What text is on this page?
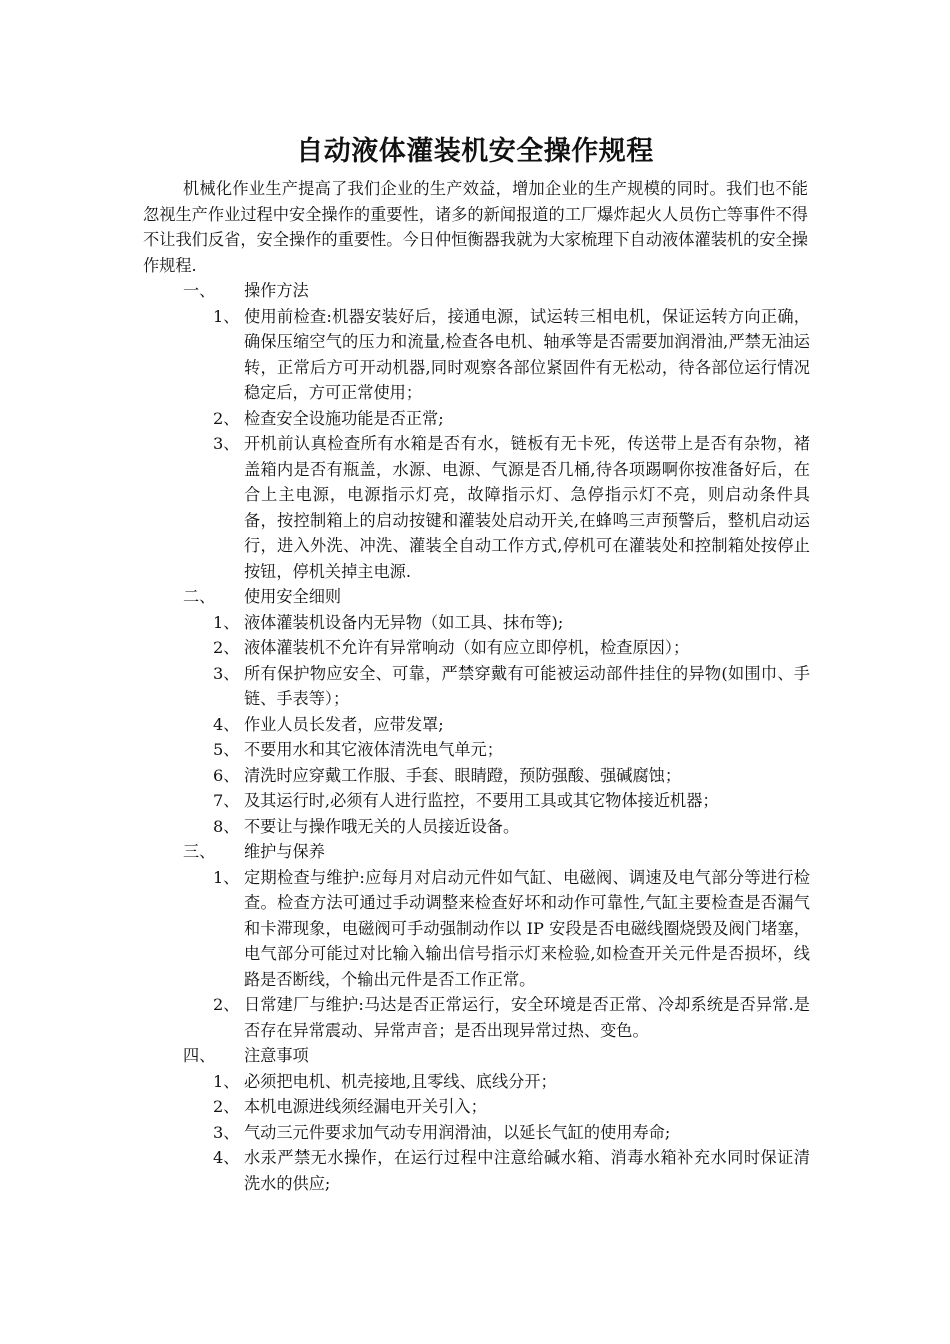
自动液体灌装机安全操作规程

机械化作业生产提高了我们企业的生产效益，增加企业的生产规模的同时。我们也不能忽视生产作业过程中安全操作的重要性，诸多的新闻报道的工厂爆炸起火人员伤亡等事件不得不让我们反省，安全操作的重要性。今日仲恒衡器我就为大家梳理下自动液体灌装机的安全操作规程.

一、 操作方法
1、 使用前检查:机器安装好后，接通电源，试运转三相电机，保证运转方向正确，确保压缩空气的压力和流量,检查各电机、轴承等是否需要加润滑油,严禁无油运转，正常后方可开动机器,同时观察各部位紧固件有无松动，待各部位运行情况稳定后，方可正常使用；
2、 检查安全设施功能是否正常;
3、 开机前认真检查所有水箱是否有水，链板有无卡死，传送带上是否有杂物，褚盖箱内是否有瓶盖，水源、电源、气源是否几桶,待各项踢啊你按准备好后，在合上主电源，电源指示灯亮，故障指示灯、急停指示灯不亮，则启动条件具备，按控制箱上的启动按键和灌装处启动开关,在蜂鸣三声预警后，整机启动运行，进入外洗、冲洗、灌装全自动工作方式,停机可在灌装处和控制箱处按停止按钮，停机关掉主电源.
二、 使用安全细则
1、 液体灌装机设备内无异物（如工具、抹布等);
2、 液体灌装机不允许有异常响动（如有应立即停机，检查原因）；
3、 所有保护物应安全、可靠，严禁穿戴有可能被运动部件挂住的异物(如围巾、手链、手表等）；
4、 作业人员长发者，应带发罩;
5、 不要用水和其它液体清洗电气单元；
6、 清洗时应穿戴工作服、手套、眼睛蹬，预防强酸、强碱腐蚀；
7、 及其运行时,必须有人进行监控，不要用工具或其它物体接近机器；
8、 不要让与操作哦无关的人员接近设备。
三、 维护与保养
1、 定期检查与维护:应每月对启动元件如气缸、电磁阀、调速及电气部分等进行检查。检查方法可通过手动调整来检查好坏和动作可靠性,气缸主要检查是否漏气和卡滞现象，电磁阀可手动强制动作以 IP 安段是否电磁线圈烧毁及阀门堵塞，电气部分可能过对比输入输出信号指示灯来检验,如检查开关元件是否损坏，线路是否断线，个输出元件是否工作正常。
2、 日常建厂与维护:马达是否正常运行，安全环境是否正常、冷却系统是否异常.是否存在异常震动、异常声音；是否出现异常过热、变色。
四、 注意事项
1、 必须把电机、机壳接地,且零线、底线分开；
2、 本机电源进线须经漏电开关引入；
3、 气动三元件要求加气动专用润滑油，以延长气缸的使用寿命;
4、 水汞严禁无水操作，在运行过程中注意给碱水箱、消毒水箱补充水同时保证清洗水的供应;
